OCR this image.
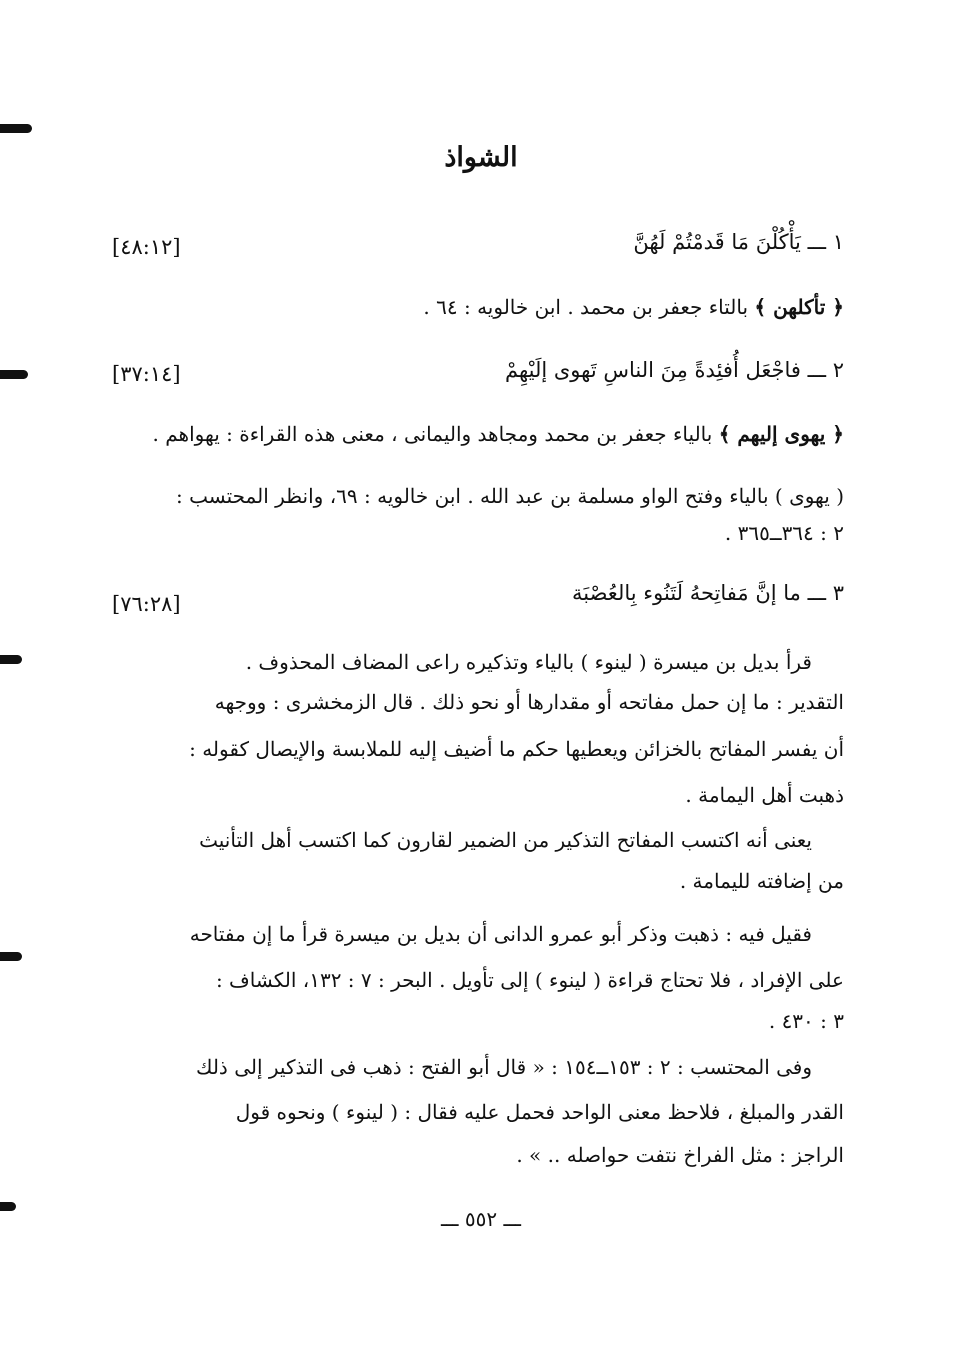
الشواذ
١ ـــ يَأْكُلْنَ مَا قَدمْتُمْ لَهُنَّ
[٤٨:١٢]
﴿ تأكلهن ﴾ بالتاء جعفر بن محمد . ابن خالويه : ٦٤ .
٢ ـــ فاجْعَل أُفئِدةً مِنَ الناسِ تَهوى إلَيْهِمْ
[٣٧:١٤]
﴿ يهوى إليهم ﴾ بالياء جعفر بن محمد ومجاهد واليمانى ، معنى هذه القراءة : يهواهم .
( يهوى ) بالياء وفتح الواو مسلمة بن عبد الله . ابن خالويه : ٦٩، وانظر المحتسب :
٢ : ٣٦٤ــ٣٦٥ .
٣ ـــ ما إنَّ مَفاتِحهُ لَتَنُوء بِالعُصْبَة
[٧٦:٢٨]
قرأ بديل بن ميسرة ( لينوء ) بالياء وتذكيره راعى المضاف المحذوف .
التقدير : ما إن حمل مفاتحه أو مقدارها أو نحو ذلك . قال الزمخشرى : ووجهه
أن يفسر المفاتح بالخزائن ويعطيها حكم ما أضيف إليه للملابسة والإيصال كقوله :
ذهبت أهل اليمامة .
يعنى أنه اكتسب المفاتح التذكير من الضمير لقارون كما اكتسب أهل التأنيث
من إضافته لليمامة .
فقيل فيه : ذهبت وذكر أبو عمرو الدانى أن بديل بن ميسرة قرأ ما إن مفتاحه
على الإفراد ، فلا تحتاج قراءة ( لينوء ) إلى تأويل . البحر : ٧ : ١٣٢، الكشاف :
٣ : ٤٣٠ .
وفى المحتسب : ٢ : ١٥٣ــ١٥٤ : « قال أبو الفتح : ذهب فى التذكير إلى ذلك
القدر والمبلغ ، فلاحظ معنى الواحد فحمل عليه فقال : ( لينوء ) ونحوه قول
الراجز : مثل الفراخ نتفت حواصله .. » .
ـــ ٥٥٢ ـــ
